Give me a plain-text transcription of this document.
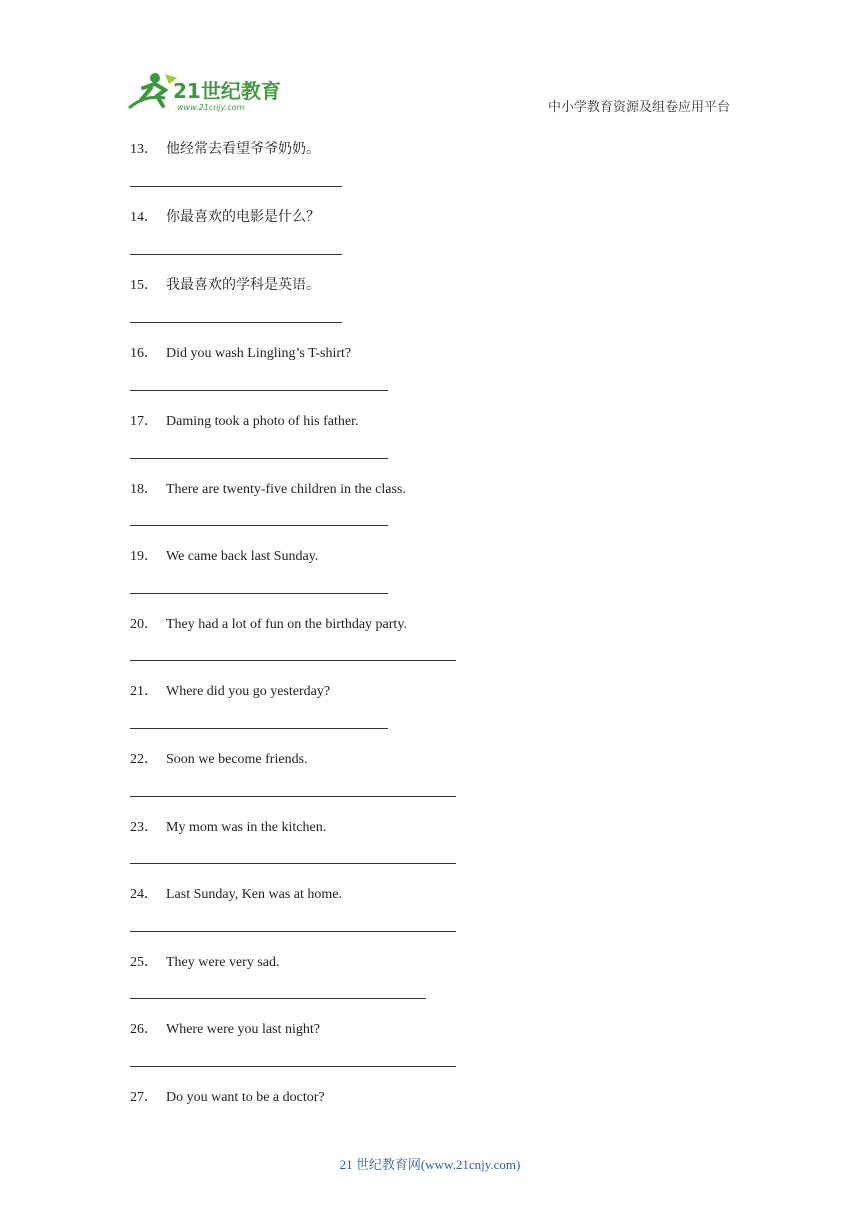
21世纪教育
www.21cnjy.com	中小学教育资源及组卷应用平台
13． 他经常去看望爷爷奶奶。
14． 你最喜欢的电影是什么？
15． 我最喜欢的学科是英语。
16． Did you wash Lingling’s T-shirt?
17． Daming took a photo of his father.
18． There are twenty-five children in the class.
19． We came back last Sunday.
20． They had a lot of fun on the birthday party.
21． Where did you go yesterday?
22． Soon we become friends.
23． My mom was in the kitchen.
24． Last Sunday, Ken was at home.
25． They were very sad.
26． Where were you last night?
27． Do you want to be a doctor?
21 世纪教育网(www.21cnjy.com)
